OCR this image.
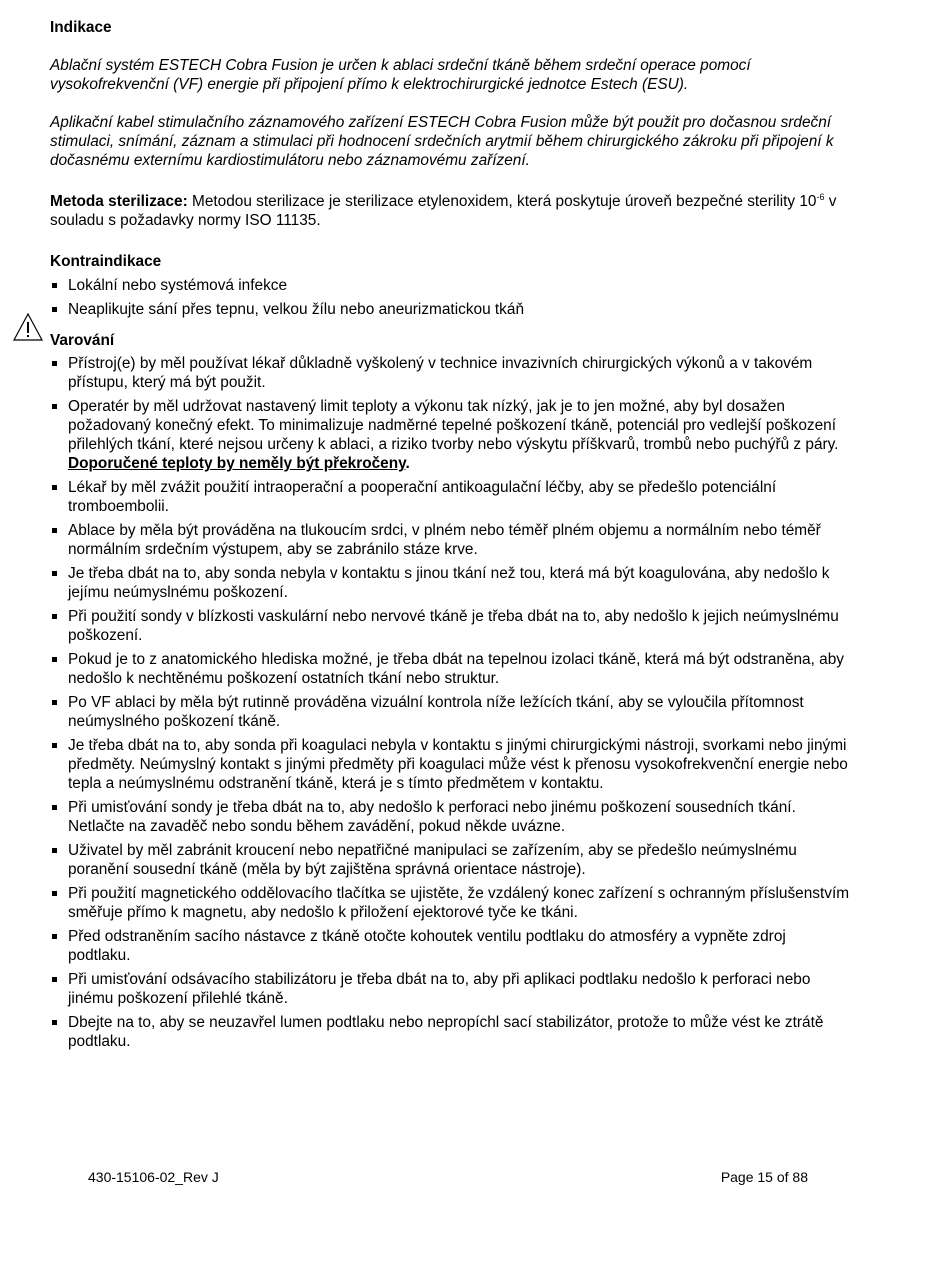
Indikace

Ablační systém ESTECH Cobra Fusion je určen k ablaci srdeční tkáně během srdeční operace pomocí vysokofrekvenční (VF) energie při připojení přímo k elektrochirurgické jednotce Estech (ESU).

Aplikační kabel stimulačního záznamového zařízení ESTECH Cobra Fusion může být použit pro dočasnou srdeční stimulaci, snímání, záznam a stimulaci při hodnocení srdečních arytmií během chirurgického zákroku při připojení k dočasnému externímu kardiostimulátoru nebo záznamovému zařízení.

Metoda sterilizace: Metodou sterilizace je sterilizace etylenoxidem, která poskytuje úroveň bezpečné sterility $10^{-6}$ v souladu s požadavky normy ISO 11135.

Kontraindikace

Lokální nebo systémová infekce
Neaplikujte sání přes tepnu, velkou žílu nebo aneurizmatickou tkáň

Varování

Přístroj(e) by měl používat lékař důkladně vyškolený v technice invazivních chirurgických výkonů a v takovém přístupu, který má být použit.
Operatér by měl udržovat nastavený limit teploty a výkonu tak nízký, jak je to jen možné, aby byl dosažen požadovaný konečný efekt. To minimalizuje nadměrné tepelné poškození tkáně, potenciál pro vedlejší poškození přilehlých tkání, které nejsou určeny k ablaci, a riziko tvorby nebo výskytu příškvarů, trombů nebo puchýřů z páry. Doporučené teploty by neměly být překročeny.
Lékař by měl zvážit použití intraoperační a pooperační antikoagulační léčby, aby se předešlo potenciální tromboembolii.
Ablace by měla být prováděna na tlukoucím srdci, v plném nebo téměř plném objemu a normálním nebo téměř normálním srdečním výstupem, aby se zabránilo stáze krve.
Je třeba dbát na to, aby sonda nebyla v kontaktu s jinou tkání než tou, která má být koagulována, aby nedošlo k jejímu neúmyslnému poškození.
Při použití sondy v blízkosti vaskulární nebo nervové tkáně je třeba dbát na to, aby nedošlo k jejich neúmyslnému poškození.
Pokud je to z anatomického hlediska možné, je třeba dbát na tepelnou izolaci tkáně, která má být odstraněna, aby nedošlo k nechtěnému poškození ostatních tkání nebo struktur.
Po VF ablaci by měla být rutinně prováděna vizuální kontrola níže ležících tkání, aby se vyloučila přítomnost neúmyslného poškození tkáně.
Je třeba dbát na to, aby sonda při koagulaci nebyla v kontaktu s jinými chirurgickými nástroji, svorkami nebo jinými předměty. Neúmyslný kontakt s jinými předměty při koagulaci může vést k přenosu vysokofrekvenční energie nebo tepla a neúmyslnému odstranění tkáně, která je s tímto předmětem v kontaktu.
Při umisťování sondy je třeba dbát na to, aby nedošlo k perforaci nebo jinému poškození sousedních tkání. Netlačte na zavaděč nebo sondu během zavádění, pokud někde uvázne.
Uživatel by měl zabránit kroucení nebo nepatřičné manipulaci se zařízením, aby se předešlo neúmyslnému poranění sousední tkáně (měla by být zajištěna správná orientace nástroje).
Při použití magnetického oddělovacího tlačítka se ujistěte, že vzdálený konec zařízení s ochranným příslušenstvím směřuje přímo k magnetu, aby nedošlo k přiložení ejektorové tyče ke tkáni.
Před odstraněním sacího nástavce z tkáně otočte kohoutek ventilu podtlaku do atmosféry a vypněte zdroj podtlaku.
Při umisťování odsávacího stabilizátoru je třeba dbát na to, aby při aplikaci podtlaku nedošlo k perforaci nebo jinému poškození přilehlé tkáně.
Dbejte na to, aby se neuzavřel lumen podtlaku nebo nepropíchl sací stabilizátor, protože to může vést ke ztrátě podtlaku.
430-15106-02_Rev J	Page 15 of 88
